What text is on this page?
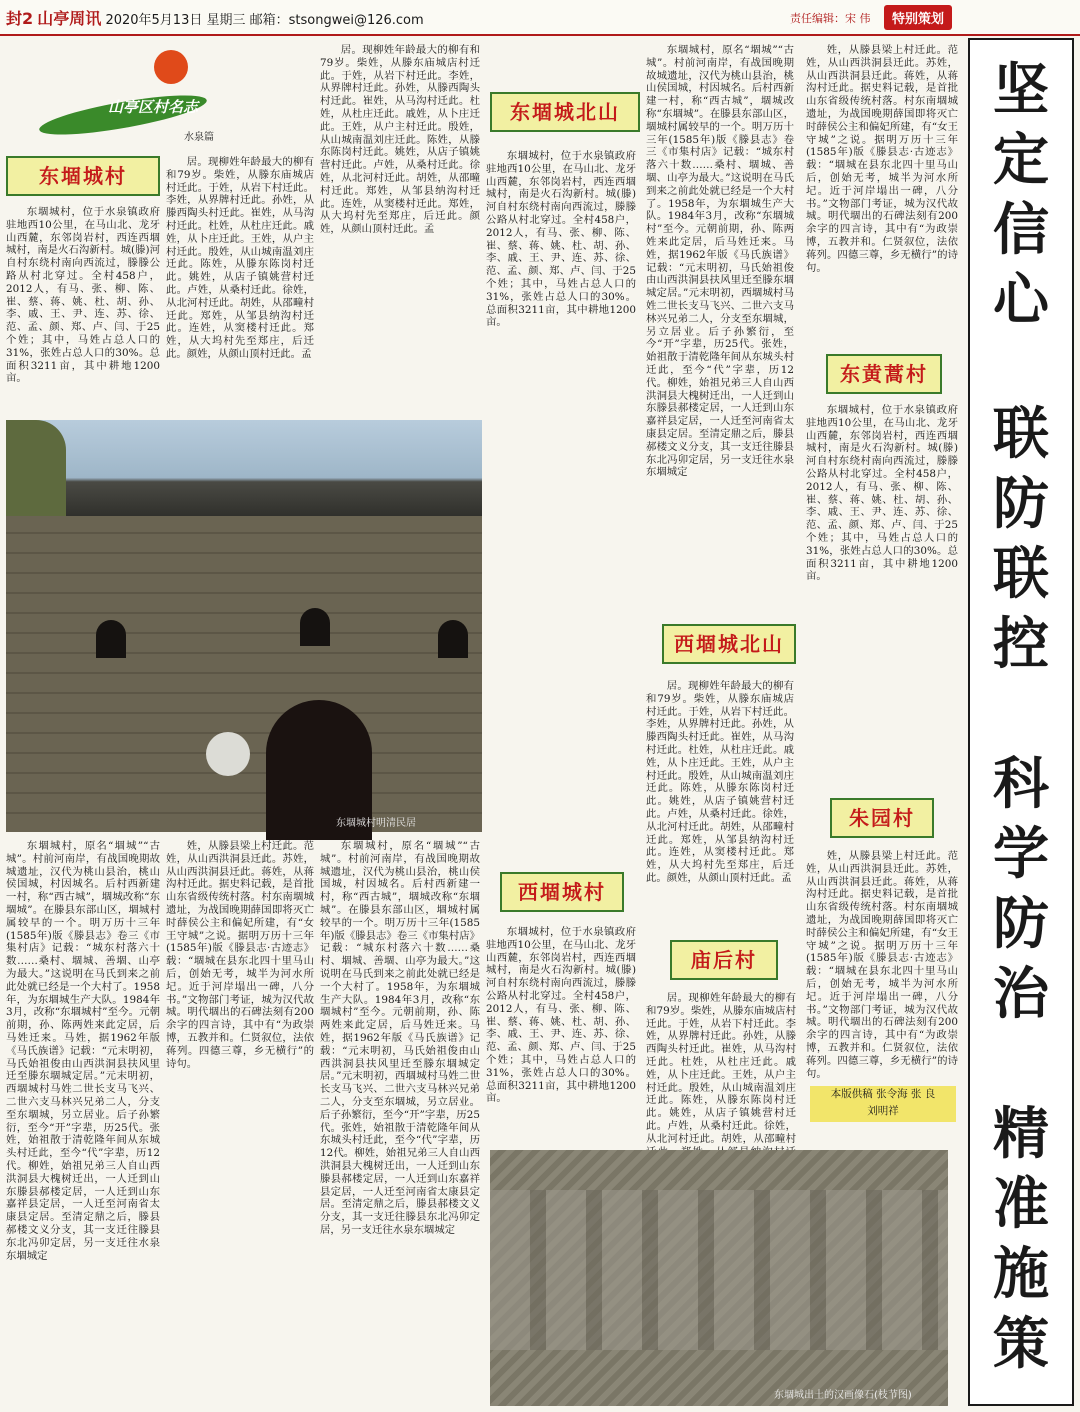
封2 山亭周讯 2020年5月13日 星期三 邮箱：stsongwei@126.com	责任编辑：宋 伟	特别策划
山亭区村名志
水泉篇
东堌城村

东堌城村，位于水泉镇政府驻地西10公里，在马山北、龙牙山西麓，东邻岗岩村，西连西堌城村，南是火石沟新村。城(滕)河自村东绕村南向西流过，滕滕公路从村北穿过。全村458户，2012人，有马、张、柳、陈、崔、蔡、蒋、姚、杜、胡、孙、李、戚、王、尹、连、苏、徐、范、孟、颜、郑、卢、闫、于25个姓；其中，马姓占总人口的31%，张姓占总人口的30%。总面积3211亩，其中耕地1200亩。

居。现柳姓年龄最大的柳有和79岁。柴姓，从滕东庙城店村迁此。于姓，从岩下村迁此。李姓，从界牌村迁此。孙姓，从滕西陶头村迁此。崔姓，从马沟村迁此。杜姓，从杜庄迁此。戚姓，从卜庄迁此。王姓，从户主村迁此。殷姓，从山城南温刘庄迁此。陈姓，从滕东陈岗村迁此。姚姓，从店子镇姚营村迁此。卢姓，从桑村迁此。徐姓，从北河村迁此。胡姓，从邵疃村迁此。郑姓，从邹县纳沟村迁此。连姓，从窦楼村迁此。郑姓，从大坞村先至郑庄，后迁此。颜姓，从颜山顶村迁此。孟

居。现柳姓年龄最大的柳有和79岁。柴姓，从滕东庙城店村迁此。于姓，从岩下村迁此。李姓，从界牌村迁此。孙姓，从滕西陶头村迁此。崔姓，从马沟村迁此。杜姓，从杜庄迁此。戚姓，从卜庄迁此。王姓，从户主村迁此。殷姓，从山城南温刘庄迁此。陈姓，从滕东陈岗村迁此。姚姓，从店子镇姚营村迁此。卢姓，从桑村迁此。徐姓，从北河村迁此。胡姓，从邵疃村迁此。郑姓，从邹县纳沟村迁此。连姓，从窦楼村迁此。郑姓，从大坞村先至郑庄，后迁此。颜姓，从颜山顶村迁此。孟

东堌城北山

东堌城村，位于水泉镇政府驻地西10公里，在马山北、龙牙山西麓，东邻岗岩村，西连西堌城村，南是火石沟新村。城(滕)河自村东绕村南向西流过，滕滕公路从村北穿过。全村458户，2012人，有马、张、柳、陈、崔、蔡、蒋、姚、杜、胡、孙、李、戚、王、尹、连、苏、徐、范、孟、颜、郑、卢、闫、于25个姓；其中，马姓占总人口的31%，张姓占总人口的30%。总面积3211亩，其中耕地1200亩。

东堌城村，原名“堌城”“古城”。村前河南岸，有战国晚期故城遗址，汉代为桃山县治，桃山侯国城，村因城名。后村西新建一村，称“西古城”，堌城改称“东堌城”。在滕县东部山区，堌城村属较早的一个。明万历十三年(1585年)版《滕县志》卷三《市集村店》记载：“城东村落六十数……桑村、堌城、善堌、山亭为最大。”这说明在马氏到来之前此处就已经是一个大村了。1958年，为东堌城生产大队。1984年3月，改称“东堌城村”至今。元朝前期，孙、陈两姓来此定居，后马姓迁来。马姓，据1962年版《马氏族谱》记载：“元末明初，马氏始祖俊由山西洪洞县扶风里迁至滕东堌城定居。”元末明初，西堌城村马姓二世长支马飞兴、二世六支马林兴兄弟二人，分支至东堌城，另立居业。后子孙繁衍，至今“开”字辈，历25代。张姓，始祖散于清乾隆年间从东城头村迁此，至今“代”字辈，历12代。柳姓，始祖兄弟三人自山西洪洞县大槐树迁出，一人迁到山东滕县郝楼定居，一人迁到山东嘉祥县定居，一人迁至河南省太康县定居。至清定鼎之后，滕县郝楼文义分支，其一支迁往滕县东北冯卯定居，另一支迁往水泉东堌城定

姓，从滕县梁上村迁此。范姓，从山西洪洞县迁此。苏姓，从山西洪洞县迁此。蒋姓，从蒋沟村迁此。据史料记载，是首批山东省级传统村落。村东南堌城遗址，为战国晚期薛国即将灭亡时薛侯公主和偏妃所建，有“女王守城”之说。据明万历十三年(1585年)版《滕县志·古迹志》载：“堌城在县东北四十里马山后，创始无考，城半为河水所圮。近于河岸塌出一碑，八分书。”文物部门考证，城为汉代故城。明代堌出的石碑法刻有200余字的四言诗，其中有“为政崇博，五教并和。仁贤叙位，法依蒋列。四德三尊，乡无横行”的诗句。

东黄蒿村

东堌城村，位于水泉镇政府驻地西10公里，在马山北、龙牙山西麓，东邻岗岩村，西连西堌城村，南是火石沟新村。城(滕)河自村东绕村南向西流过，滕滕公路从村北穿过。全村458户，2012人，有马、张、柳、陈、崔、蔡、蒋、姚、杜、胡、孙、李、戚、王、尹、连、苏、徐、范、孟、颜、郑、卢、闫、于25个姓；其中，马姓占总人口的31%，张姓占总人口的30%。总面积3211亩，其中耕地1200亩。

西堌城北山

居。现柳姓年龄最大的柳有和79岁。柴姓，从滕东庙城店村迁此。于姓，从岩下村迁此。李姓，从界牌村迁此。孙姓，从滕西陶头村迁此。崔姓，从马沟村迁此。杜姓，从杜庄迁此。戚姓，从卜庄迁此。王姓，从户主村迁此。殷姓，从山城南温刘庄迁此。陈姓，从滕东陈岗村迁此。姚姓，从店子镇姚营村迁此。卢姓，从桑村迁此。徐姓，从北河村迁此。胡姓，从邵疃村迁此。郑姓，从邹县纳沟村迁此。连姓，从窦楼村迁此。郑姓，从大坞村先至郑庄，后迁此。颜姓，从颜山顶村迁此。孟

朱园村

姓，从滕县梁上村迁此。范姓，从山西洪洞县迁此。苏姓，从山西洪洞县迁此。蒋姓，从蒋沟村迁此。据史料记载，是首批山东省级传统村落。村东南堌城遗址，为战国晚期薛国即将灭亡时薛侯公主和偏妃所建，有“女王守城”之说。据明万历十三年(1585年)版《滕县志·古迹志》载：“堌城在县东北四十里马山后，创始无考，城半为河水所圮。近于河岸塌出一碑，八分书。”文物部门考证，城为汉代故城。明代堌出的石碑法刻有200余字的四言诗，其中有“为政崇博，五教并和。仁贤叙位，法依蒋列。四德三尊，乡无横行”的诗句。

东堌城村明清民居

东堌城村，原名“堌城”“古城”。村前河南岸，有战国晚期故城遗址，汉代为桃山县治，桃山侯国城，村因城名。后村西新建一村，称“西古城”，堌城改称“东堌城”。在滕县东部山区，堌城村属较早的一个。明万历十三年(1585年)版《滕县志》卷三《市集村店》记载：“城东村落六十数……桑村、堌城、善堌、山亭为最大。”这说明在马氏到来之前此处就已经是一个大村了。1958年，为东堌城生产大队。1984年3月，改称“东堌城村”至今。元朝前期，孙、陈两姓来此定居，后马姓迁来。马姓，据1962年版《马氏族谱》记载：“元末明初，马氏始祖俊由山西洪洞县扶风里迁至滕东堌城定居。”元末明初，西堌城村马姓二世长支马飞兴、二世六支马林兴兄弟二人，分支至东堌城，另立居业。后子孙繁衍，至今“开”字辈，历25代。张姓，始祖散于清乾隆年间从东城头村迁此，至今“代”字辈，历12代。柳姓，始祖兄弟三人自山西洪洞县大槐树迁出，一人迁到山东滕县郝楼定居，一人迁到山东嘉祥县定居，一人迁至河南省太康县定居。至清定鼎之后，滕县郝楼文义分支，其一支迁往滕县东北冯卯定居，另一支迁往水泉东堌城定

姓，从滕县梁上村迁此。范姓，从山西洪洞县迁此。苏姓，从山西洪洞县迁此。蒋姓，从蒋沟村迁此。据史料记载，是首批山东省级传统村落。村东南堌城遗址，为战国晚期薛国即将灭亡时薛侯公主和偏妃所建，有“女王守城”之说。据明万历十三年(1585年)版《滕县志·古迹志》载：“堌城在县东北四十里马山后，创始无考，城半为河水所圮。近于河岸塌出一碑，八分书。”文物部门考证，城为汉代故城。明代堌出的石碑法刻有200余字的四言诗，其中有“为政崇博，五教并和。仁贤叙位，法依蒋列。四德三尊，乡无横行”的诗句。

东堌城村，原名“堌城”“古城”。村前河南岸，有战国晚期故城遗址，汉代为桃山县治，桃山侯国城，村因城名。后村西新建一村，称“西古城”，堌城改称“东堌城”。在滕县东部山区，堌城村属较早的一个。明万历十三年(1585年)版《滕县志》卷三《市集村店》记载：“城东村落六十数……桑村、堌城、善堌、山亭为最大。”这说明在马氏到来之前此处就已经是一个大村了。1958年，为东堌城生产大队。1984年3月，改称“东堌城村”至今。元朝前期，孙、陈两姓来此定居，后马姓迁来。马姓，据1962年版《马氏族谱》记载：“元末明初，马氏始祖俊由山西洪洞县扶风里迁至滕东堌城定居。”元末明初，西堌城村马姓二世长支马飞兴、二世六支马林兴兄弟二人，分支至东堌城，另立居业。后子孙繁衍，至今“开”字辈，历25代。张姓，始祖散于清乾隆年间从东城头村迁此，至今“代”字辈，历12代。柳姓，始祖兄弟三人自山西洪洞县大槐树迁出，一人迁到山东滕县郝楼定居，一人迁到山东嘉祥县定居，一人迁至河南省太康县定居。至清定鼎之后，滕县郝楼文义分支，其一支迁往滕县东北冯卯定居，另一支迁往水泉东堌城定

西堌城村

东堌城村，位于水泉镇政府驻地西10公里，在马山北、龙牙山西麓，东邻岗岩村，西连西堌城村，南是火石沟新村。城(滕)河自村东绕村南向西流过，滕滕公路从村北穿过。全村458户，2012人，有马、张、柳、陈、崔、蔡、蒋、姚、杜、胡、孙、李、戚、王、尹、连、苏、徐、范、孟、颜、郑、卢、闫、于25个姓；其中，马姓占总人口的31%，张姓占总人口的30%。总面积3211亩，其中耕地1200亩。

庙后村

居。现柳姓年龄最大的柳有和79岁。柴姓，从滕东庙城店村迁此。于姓，从岩下村迁此。李姓，从界牌村迁此。孙姓，从滕西陶头村迁此。崔姓，从马沟村迁此。杜姓，从杜庄迁此。戚姓，从卜庄迁此。王姓，从户主村迁此。殷姓，从山城南温刘庄迁此。陈姓，从滕东陈岗村迁此。姚姓，从店子镇姚营村迁此。卢姓，从桑村迁此。徐姓，从北河村迁此。胡姓，从邵疃村

本版供稿 张令海 张 良
刘明祥
东堌城出土的汉画像石(枝节图)
坚
定
信
心
联
防
联
控
科
学
防
治
精
准
施
策
